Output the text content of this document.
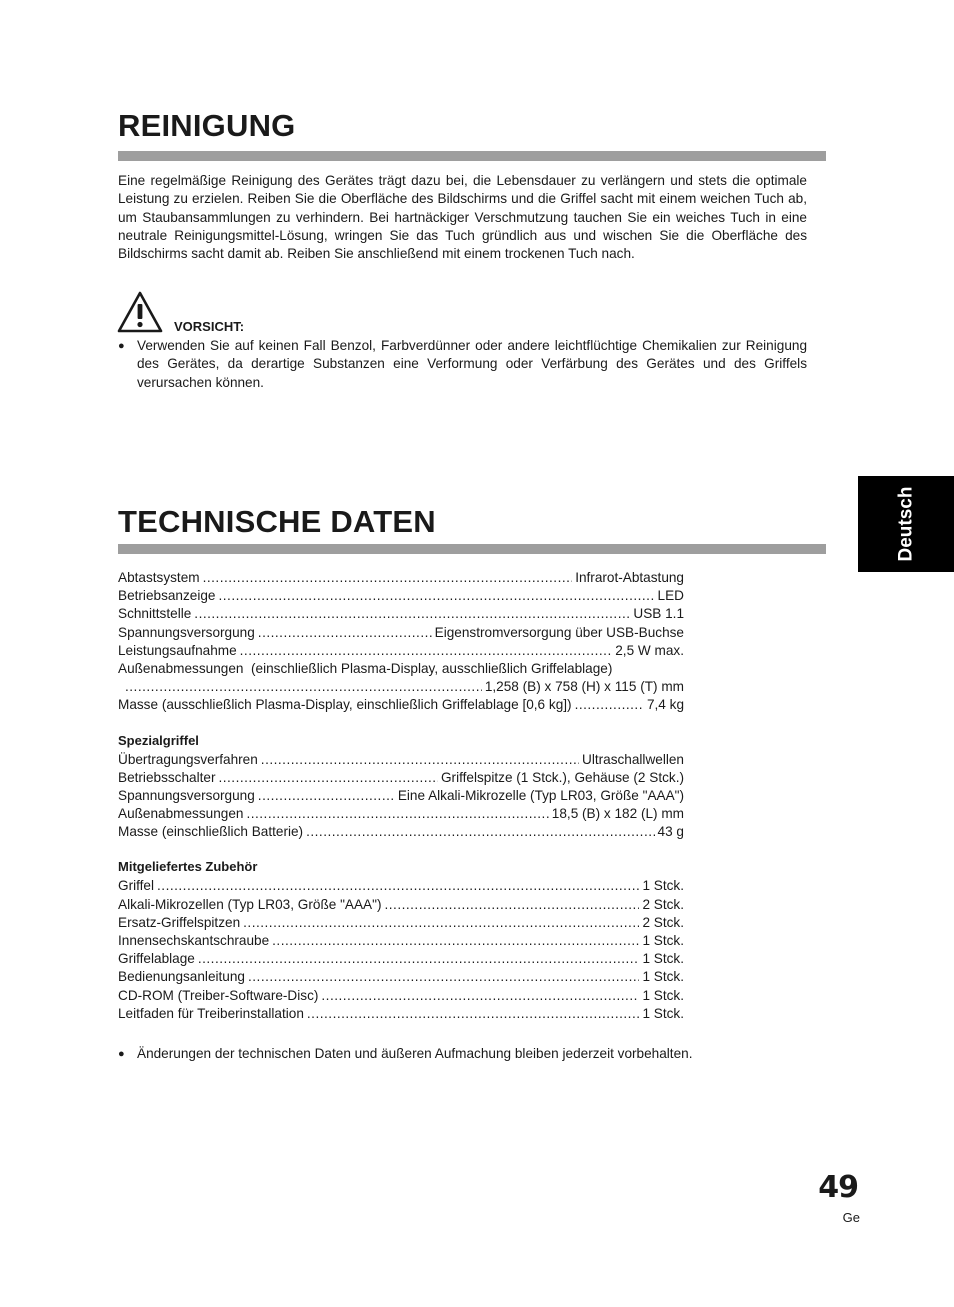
REINIGUNG

Eine regelmäßige Reinigung des Gerätes trägt dazu bei, die Lebensdauer zu verlängern und stets die optimale Leistung zu erzielen. Reiben Sie die Oberfläche des Bildschirms und die Griffel sacht mit einem weichen Tuch ab, um Staubansammlungen zu verhindern. Bei hartnäckiger Verschmutzung tauchen Sie ein weiches Tuch in eine neutrale Reinigungsmittel-Lösung, wringen Sie das Tuch gründlich aus und wischen Sie die Oberfläche des Bildschirms sacht damit ab. Reiben Sie anschließend mit einem trockenen Tuch nach.

VORSICHT:
● Verwenden Sie auf keinen Fall Benzol, Farbverdünner oder andere leichtflüchtige Chemikalien zur Reinigung des Gerätes, da derartige Substanzen eine Verformung oder Verfärbung des Gerätes und des Griffels verursachen können.
TECHNISCHE DATEN
Abtastsystem .....	Infrarot-Abtastung
Betriebsanzeige .....	LED
Schnittstelle .....	USB 1.1
Spannungsversorgung .....	Eigenstromversorgung über USB-Buchse
Leistungsaufnahme .....	2,5 W max.
Außenabmessungen  (einschließlich Plasma-Display, ausschließlich Griffelablage)
.....
1,258 (B) x 758 (H) x 115 (T) mm
Masse (ausschließlich Plasma-Display, einschließlich Griffelablage [0,6 kg]) .....	7,4 kg
Spezialgriffel
Übertragungsverfahren .....	Ultraschallwellen
Betriebsschalter .....	Griffelspitze (1 Stck.), Gehäuse (2 Stck.)
Spannungsversorgung .....	Eine Alkali-Mikrozelle (Typ LR03, Größe "AAA")
Außenabmessungen .....	18,5 (B) x 182 (L) mm
Masse (einschließlich Batterie) .....	43 g
Mitgeliefertes Zubehör
Griffel .....	1 Stck.
Alkali-Mikrozellen (Typ LR03, Größe "AAA") .....	2 Stck.
Ersatz-Griffelspitzen .....	2 Stck.
Innensechskantschraube .....	1 Stck.
Griffelablage .....	1 Stck.
Bedienungsanleitung .....	1 Stck.
CD-ROM (Treiber-Software-Disc) .....	1 Stck.
Leitfaden für Treiberinstallation .....	1 Stck.
● Änderungen der technischen Daten und äußeren Aufmachung bleiben jederzeit vorbehalten.
Deutsch
49
Ge
